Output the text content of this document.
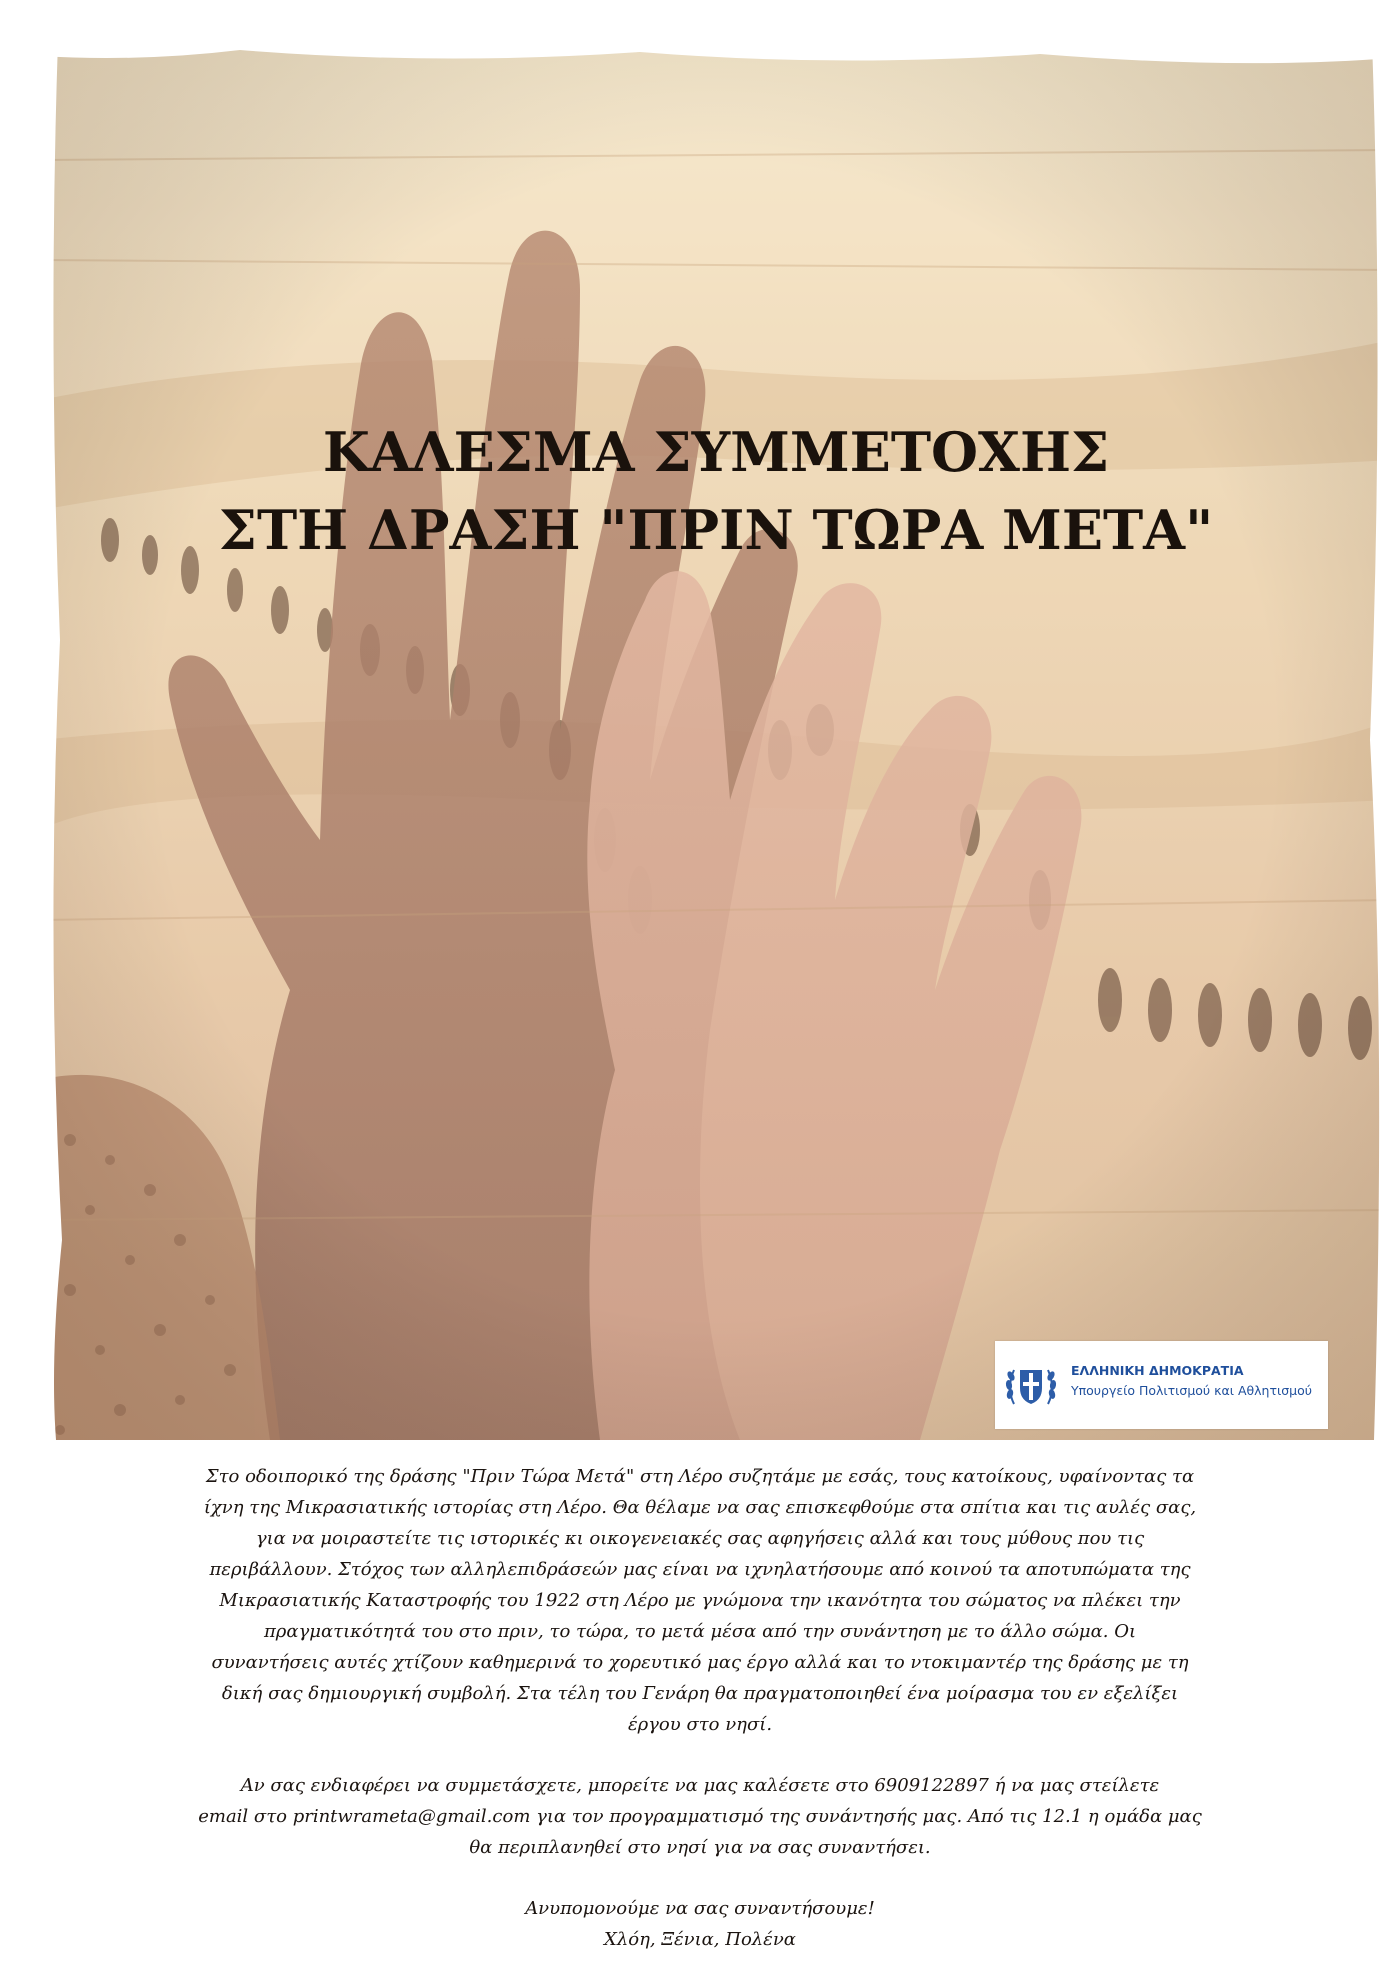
ΚΑΛΕΣΜΑ ΣΥΜΜΕΤΟΧΗΣ
ΣΤΗ ΔΡΑΣΗ "ΠΡΙΝ ΤΩΡΑ ΜΕΤΑ"
ΕΛΛΗΝΙΚΗ ΔΗΜΟΚΡΑΤΙΑ
Υπουργείο Πολιτισμού και Αθλητισμού

Στο οδοιπορικό της δράσης "Πριν Τώρα Μετά" στη Λέρο συζητάμε με εσάς, τους κατοίκους, υφαίνοντας τα

ίχνη της Μικρασιατικής ιστορίας στη Λέρο. Θα θέλαμε να σας επισκεφθούμε στα σπίτια και τις αυλές σας,

για να μοιραστείτε τις ιστορικές κι οικογενειακές σας αφηγήσεις αλλά και τους μύθους που τις

περιβάλλουν. Στόχος των αλληλεπιδράσεών μας είναι να ιχνηλατήσουμε από κοινού τα αποτυπώματα της

Μικρασιατικής Καταστροφής του 1922 στη Λέρο με γνώμονα την ικανότητα του σώματος να πλέκει την

πραγματικότητά του στο πριν, το τώρα, το μετά μέσα από την συνάντηση με το άλλο σώμα. Οι

συναντήσεις αυτές χτίζουν καθημερινά το χορευτικό μας έργο αλλά και το ντοκιμαντέρ της δράσης με τη

δική σας δημιουργική συμβολή. Στα τέλη του Γενάρη θα πραγματοποιηθεί ένα μοίρασμα του εν εξελίξει

έργου στο νησί.

Αν σας ενδιαφέρει να συμμετάσχετε, μπορείτε να μας καλέσετε στο 6909122897 ή να μας στείλετε

email στο printwrameta@gmail.com για τον προγραμματισμό της συνάντησής μας. Από τις 12.1 η ομάδα μας

θα περιπλανηθεί στο νησί για να σας συναντήσει.

Ανυπομονούμε να σας συναντήσουμε!

Χλόη, Ξένια, Πολένα
